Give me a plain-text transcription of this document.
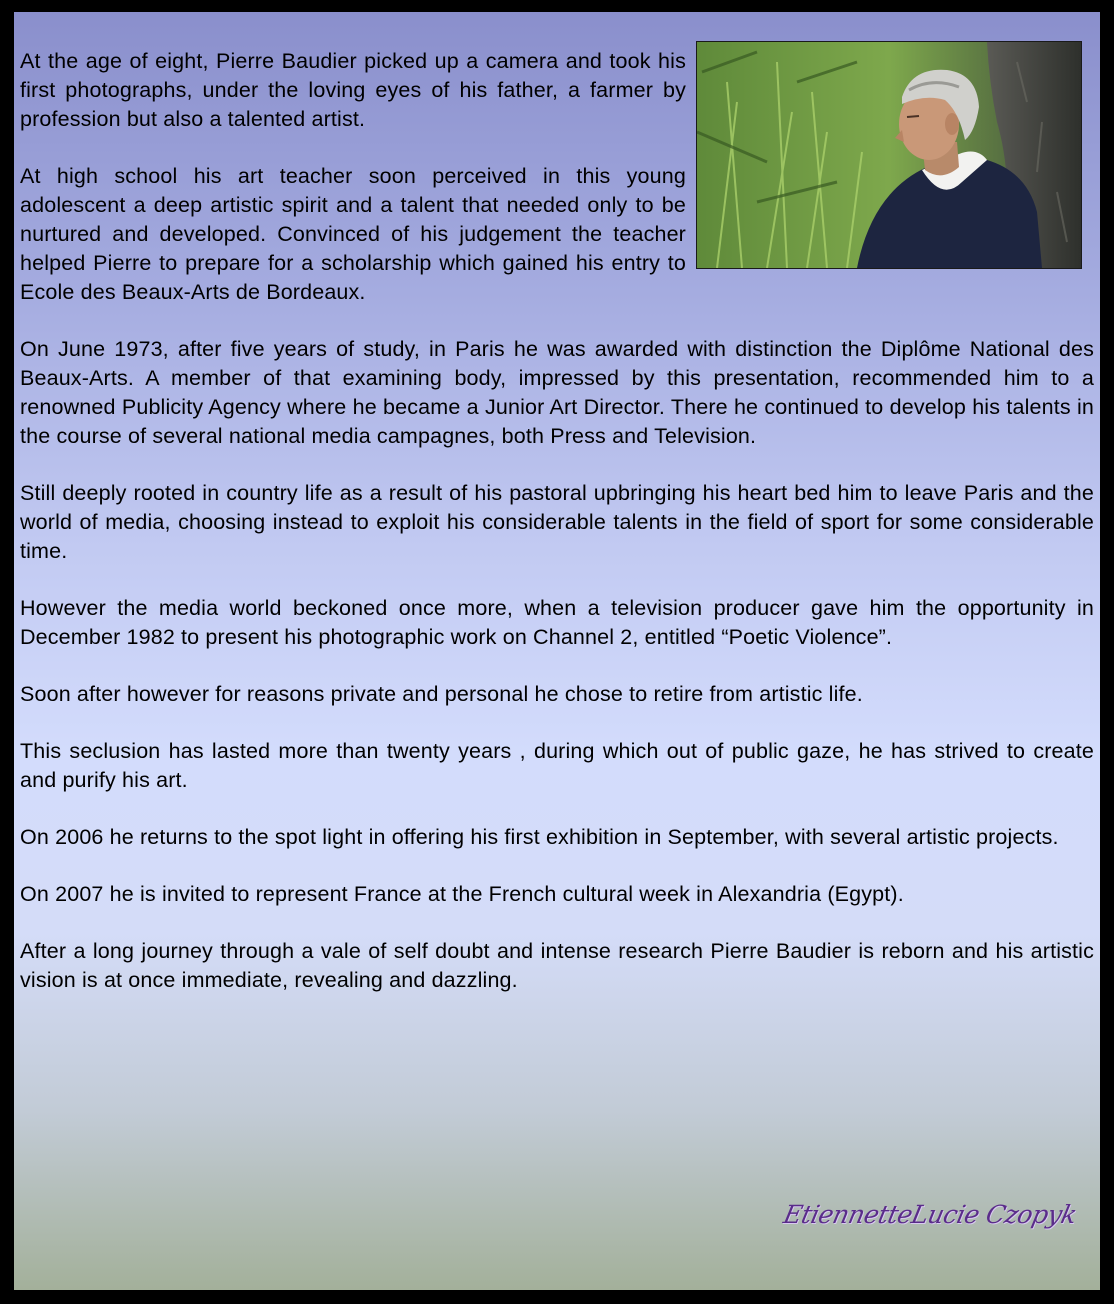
At the age of eight, Pierre Baudier picked up a camera and took his first photographs, under the loving eyes of his father, a farmer by profession but also a talented artist.

At high school his art teacher soon perceived in this young adolescent a deep artistic spirit and a talent that needed only to be nurtured and developed. Convinced of his judgement the teacher helped Pierre to prepare for a scholarship which gained his entry to Ecole des Beaux-Arts de Bordeaux.

On June 1973, after five years of study, in Paris he was awarded with distinction the Diplôme National des Beaux-Arts. A member of that examining body, impressed by this presentation, recommended him to a renowned Publicity Agency where he became a Junior Art Director. There he continued to develop his talents in the course of several national media campagnes, both Press and Television.

Still deeply rooted in country life as a result of his pastoral upbringing his heart bed him to leave Paris and the world of media, choosing instead to exploit his considerable talents in the field of sport for some considerable time.

However the media world beckoned once more, when a television producer gave him the opportunity in December 1982 to present his photographic work on Channel 2, entitled “Poetic Violence”.

Soon after however for reasons private and personal he chose to retire from artistic life.

This seclusion has lasted more than twenty years , during which out of public gaze, he has strived to create and purify his art.

On 2006 he returns to the spot light in offering his first exhibition in September, with several artistic projects.

On 2007 he is invited to represent France at the French cultural week in Alexandria (Egypt).

After a long journey through a vale of self doubt and intense research Pierre Baudier is reborn and his artistic vision is at once immediate, revealing and dazzling.

EtiennetteLucie Czopyk
